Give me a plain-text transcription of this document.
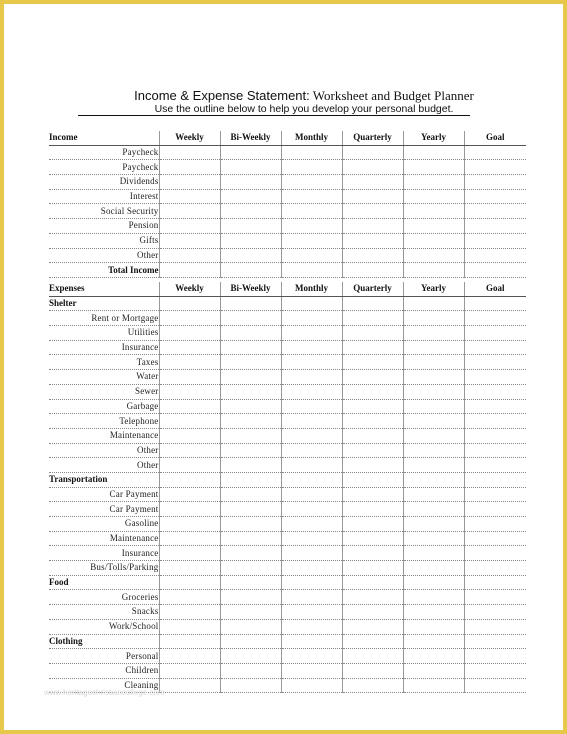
Income & Expense Statement: Worksheet and Budget Planner
Use the outline below to help you develop your personal budget.
Income	Weekly	Bi-Weekly	Monthly	Quarterly	Yearly	Goal
Paycheck						
Paycheck						
Dividends						
Interest						
Social Security						
Pension						
Gifts						
Other						
Total Income						
Expenses	Weekly	Bi-Weekly	Monthly	Quarterly	Yearly	Goal
Shelter						
Rent or Mortgage						
Utilities						
Insurance						
Taxes						
Water						
Sewer						
Garbage						
Telephone						
Maintenance						
Other						
Other						
Transportation						
Car Payment						
Car Payment						
Gasoline						
Maintenance						
Insurance						
Bus/Tolls/Parking						
Food						
Groceries						
Snacks						
Work/School						
Clothing						
Personal						
Children						
Cleaning						
www.heritagechristiancollege.com
